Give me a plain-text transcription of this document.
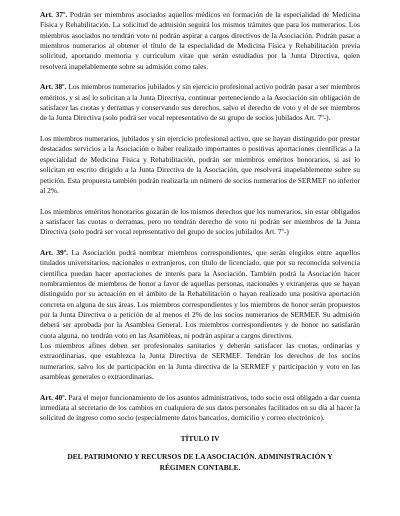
Art. 37º. Podrán ser miembros asociados aquellos médicos en formación de la especialidad de Medicina Física y Rehabilitación. La solicitud de admisión seguirá los mismos trámites que para los numerarios. Los miembros asociados no tendrán voto ni podrán aspirar a cargos directivos de la Asociación. Podrán pasar a miembros numerarios al obtener el título de la especialidad de Medicina Física y Rehabilitación previa solicitud, aportando memoria y curriculum vitae que serán estudiados por la Junta Directiva, quien resolverá inapelablemente sobre su admisión como tales.

Art. 38º. Los miembros numerarios jubilados y sin ejercicio profesional activo podrán pasar a ser miembros eméritos, y si así lo solicitan a la Junta Directiva, continuar perteneciendo a la Asociación sin obligación de satisfacer las cuotas y derramas y conservando sus derechos, salvo el derecho de voto y el de ser miembros de la Junta Directiva (solo podrá ser vocal representativo de su grupo de socios jubilados Art. 7º-).

Los miembros numerarios, jubilados y sin ejercicio profesional activo, que se hayan distinguido por prestar destacados servicios a la Asociación o haber realizado importantes o positivas aportaciones científicas a la especialidad de Medicina Física y Rehabilitación, podrán ser miembros eméritos honorarios, si así lo solicitan en escrito dirigido a la Junta Directiva de la Asociación, que resolverá inapelablemente sobre su petición. Esta propuesta también podrán realizarla un número de socios numerarios de SERMEF no inferior al 2%.

Los miembros eméritos honorarios gozarán de los mismos derechos que los numerarios, sin estar obligados a satisfacer las cuotas o derramas, pero no tendrán derecho de voto ni podrán ser miembros de la Junta Directiva (solo podrá ser vocal representativo del grupo de socios jubilados Art. 7º-)

Art. 39º. La Asociación podrá nombrar miembros correspondientes, que serán elegidos entre aquellos titulados universitarios, nacionales o extranjeros, con título de licenciado, que por su reconocida solvencia científica puedan hacer aportaciones de interés para la Asociación. También podrá la Asociación hacer nombramientos de miembros de honor a favor de aquellas personas, nacionales y extranjeras que se hayan distinguido por su actuación en el ámbito de la Rehabilitación o hayan realizado una positiva aportación concreta en alguna de sus áreas. Los miembros correspondientes y los miembros de honor serán propuestos por la Junta Directiva o a petición de al menos el 2% de los socios numerarios de SERMEF. Su admisión deberá ser aprobada por la Asamblea General. Los miembros correspondientes y de honor no satisfarán cuota alguna, no tendrán voto en las Asambleas, ni podrán aspirar a cargos directivos.

Los miembros afines deben ser profesionales sanitarios y deberán satisfacer las cuotas, ordinarias y extraordinarias, que establezca la Junta Directiva de SERMEF. Tendrán los derechos de los socios numerarios, salvo los de participación en la Junta directiva de la SERMEF y participación y voto en las asambleas generales o extraordinarias.

Art. 40º. Para el mejor funcionamiento de los asuntos administrativos, todo socio está obligado a dar cuenta inmediata al secretario de los cambios en cualquiera de sus datos personales facilitados en su día al hacer la solicitud de ingreso como socio (especialmente datos bancarios, domicilio y correo electrónico).

TÍTULO IV

DEL PATRIMONIO Y RECURSOS DE LA ASOCIACIÓN. ADMINISTRACIÓN Y
RÉGIMEN CONTABLE.
